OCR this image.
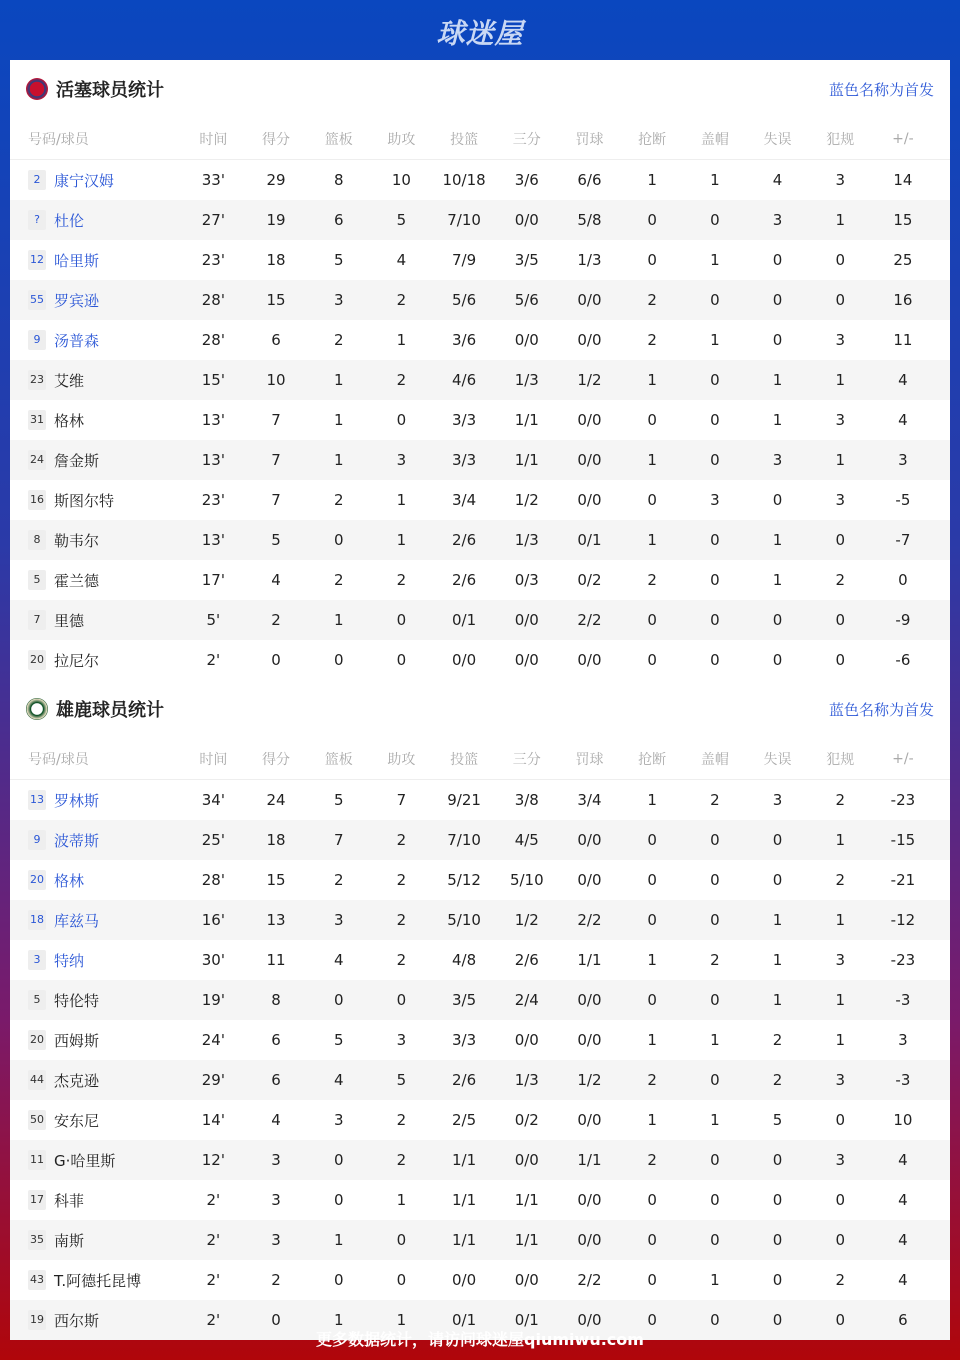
球迷屋
活塞球员统计	蓝色名称为首发
号码/球员	时间	得分	篮板	助攻	投篮	三分	罚球	抢断	盖帽	失误	犯规	+/-
2 康宁汉姆	33'	29	8	10	10/18	3/6	6/6	1	1	4	3	14
? 杜伦	27'	19	6	5	7/10	0/0	5/8	0	0	3	1	15
12 哈里斯	23'	18	5	4	7/9	3/5	1/3	0	1	0	0	25
55 罗宾逊	28'	15	3	2	5/6	5/6	0/0	2	0	0	0	16
9 汤普森	28'	6	2	1	3/6	0/0	0/0	2	1	0	3	11
23 艾维	15'	10	1	2	4/6	1/3	1/2	1	0	1	1	4
31 格林	13'	7	1	0	3/3	1/1	0/0	0	0	1	3	4
24 詹金斯	13'	7	1	3	3/3	1/1	0/0	1	0	3	1	3
16 斯图尔特	23'	7	2	1	3/4	1/2	0/0	0	3	0	3	-5
8 勒韦尔	13'	5	0	1	2/6	1/3	0/1	1	0	1	0	-7
5 霍兰德	17'	4	2	2	2/6	0/3	0/2	2	0	1	2	0
7 里德	5'	2	1	0	0/1	0/0	2/2	0	0	0	0	-9
20 拉尼尔	2'	0	0	0	0/0	0/0	0/0	0	0	0	0	-6
雄鹿球员统计	蓝色名称为首发
号码/球员	时间	得分	篮板	助攻	投篮	三分	罚球	抢断	盖帽	失误	犯规	+/-
13 罗林斯	34'	24	5	7	9/21	3/8	3/4	1	2	3	2	-23
9 波蒂斯	25'	18	7	2	7/10	4/5	0/0	0	0	0	1	-15
20 格林	28'	15	2	2	5/12	5/10	0/0	0	0	0	2	-21
18 库兹马	16'	13	3	2	5/10	1/2	2/2	0	0	1	1	-12
3 特纳	30'	11	4	2	4/8	2/6	1/1	1	2	1	3	-23
5 特伦特	19'	8	0	0	3/5	2/4	0/0	0	0	1	1	-3
20 西姆斯	24'	6	5	3	3/3	0/0	0/0	1	1	2	1	3
44 杰克逊	29'	6	4	5	2/6	1/3	1/2	2	0	2	3	-3
50 安东尼	14'	4	3	2	2/5	0/2	0/0	1	1	5	0	10
11 G·哈里斯	12'	3	0	2	1/1	0/0	1/1	2	0	0	3	4
17 科菲	2'	3	0	1	1/1	1/1	0/0	0	0	0	0	4
35 南斯	2'	3	1	0	1/1	1/1	0/0	0	0	0	0	4
43 T.阿德托昆博	2'	2	0	0	0/0	0/0	2/2	0	1	0	2	4
19 西尔斯	2'	0	1	1	0/1	0/1	0/0	0	0	0	0	6
更多数据统计，请访问球迷屋qiumiwu.com
